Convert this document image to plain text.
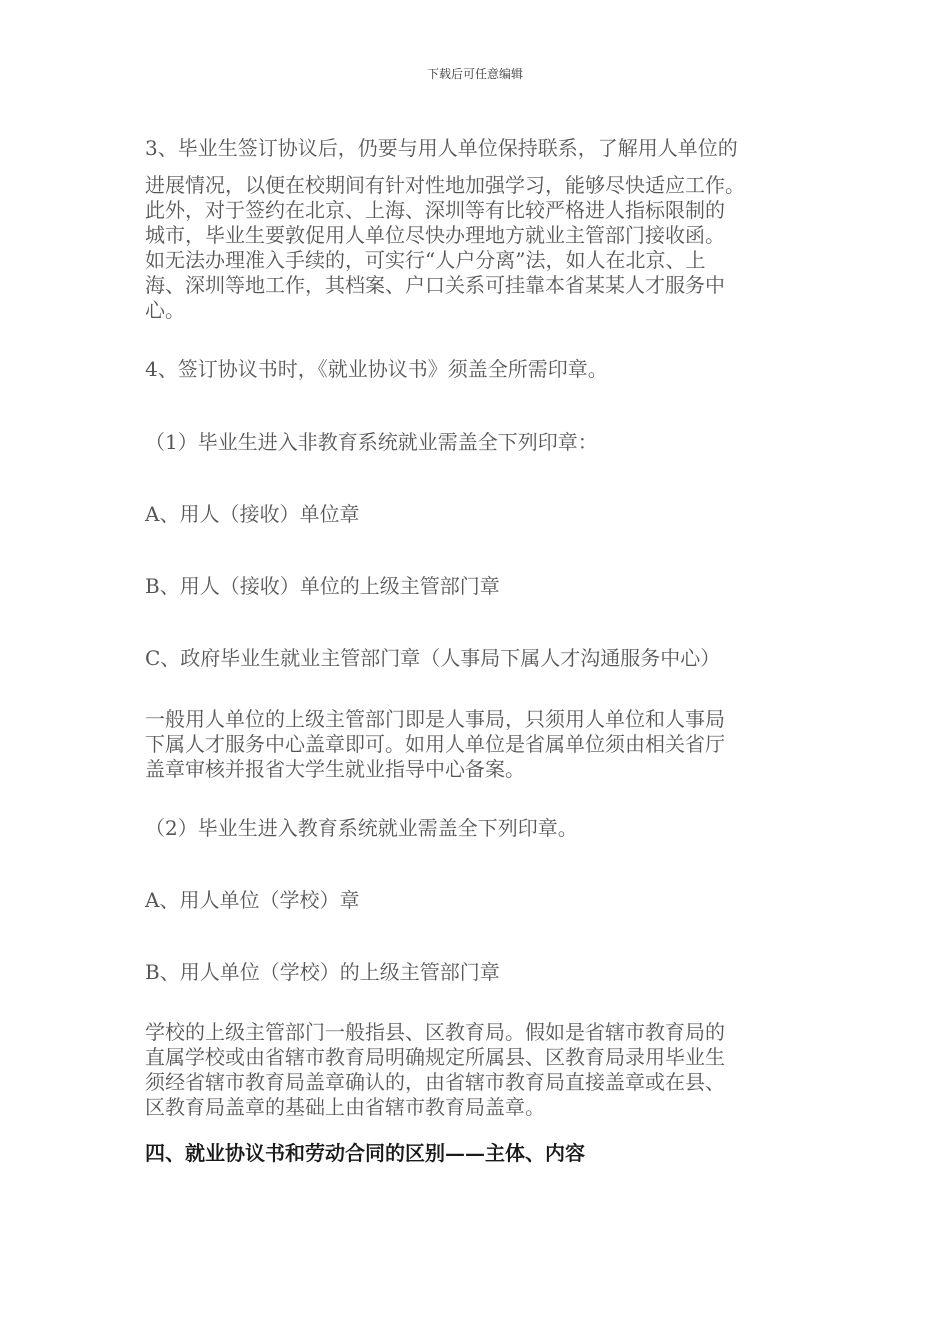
下载后可任意编辑
3、毕业生签订协议后，仍要与用人单位保持联系，了解用人单位的
进展情况，以便在校期间有针对性地加强学习，能够尽快适应工作。
此外，对于签约在北京、上海、深圳等有比较严格进人指标限制的
城市，毕业生要敦促用人单位尽快办理地方就业主管部门接收函。
如无法办理准入手续的，可实行“人户分离”法，如人在北京、上
海、深圳等地工作，其档案、户口关系可挂靠本省某某人才服务中
心。
4、签订协议书时，《就业协议书》须盖全所需印章。
（1）毕业生进入非教育系统就业需盖全下列印章：
A、用人（接收）单位章
B、用人（接收）单位的上级主管部门章
C、政府毕业生就业主管部门章（人事局下属人才沟通服务中心）
一般用人单位的上级主管部门即是人事局，只须用人单位和人事局
下属人才服务中心盖章即可。如用人单位是省属单位须由相关省厅
盖章审核并报省大学生就业指导中心备案。
（2）毕业生进入教育系统就业需盖全下列印章。
A、用人单位（学校）章
B、用人单位（学校）的上级主管部门章
学校的上级主管部门一般指县、区教育局。假如是省辖市教育局的
直属学校或由省辖市教育局明确规定所属县、区教育局录用毕业生
须经省辖市教育局盖章确认的，由省辖市教育局直接盖章或在县、
区教育局盖章的基础上由省辖市教育局盖章。
四、就业协议书和劳动合同的区别——主体、内容
